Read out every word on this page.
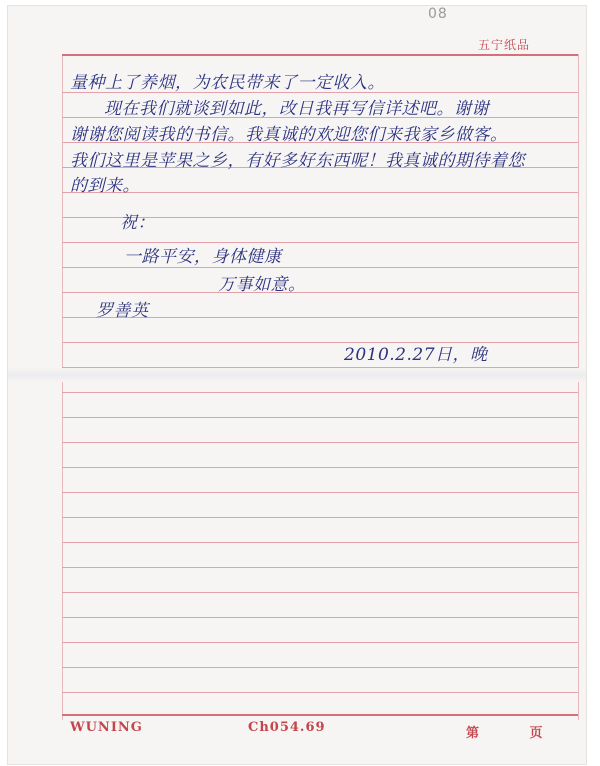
08
五宁纸品
WUNING	Ch054.69	第 页
量种上了养烟，为农民带来了一定收入。
现在我们就谈到如此，改日我再写信详述吧。谢谢
谢谢您阅读我的书信。我真诚的欢迎您们来我家乡做客。
我们这里是苹果之乡，有好多好东西呢！我真诚的期待着您
的到来。
祝：
一路平安，身体健康
万事如意。
罗善英
2010.2.27日，晚
